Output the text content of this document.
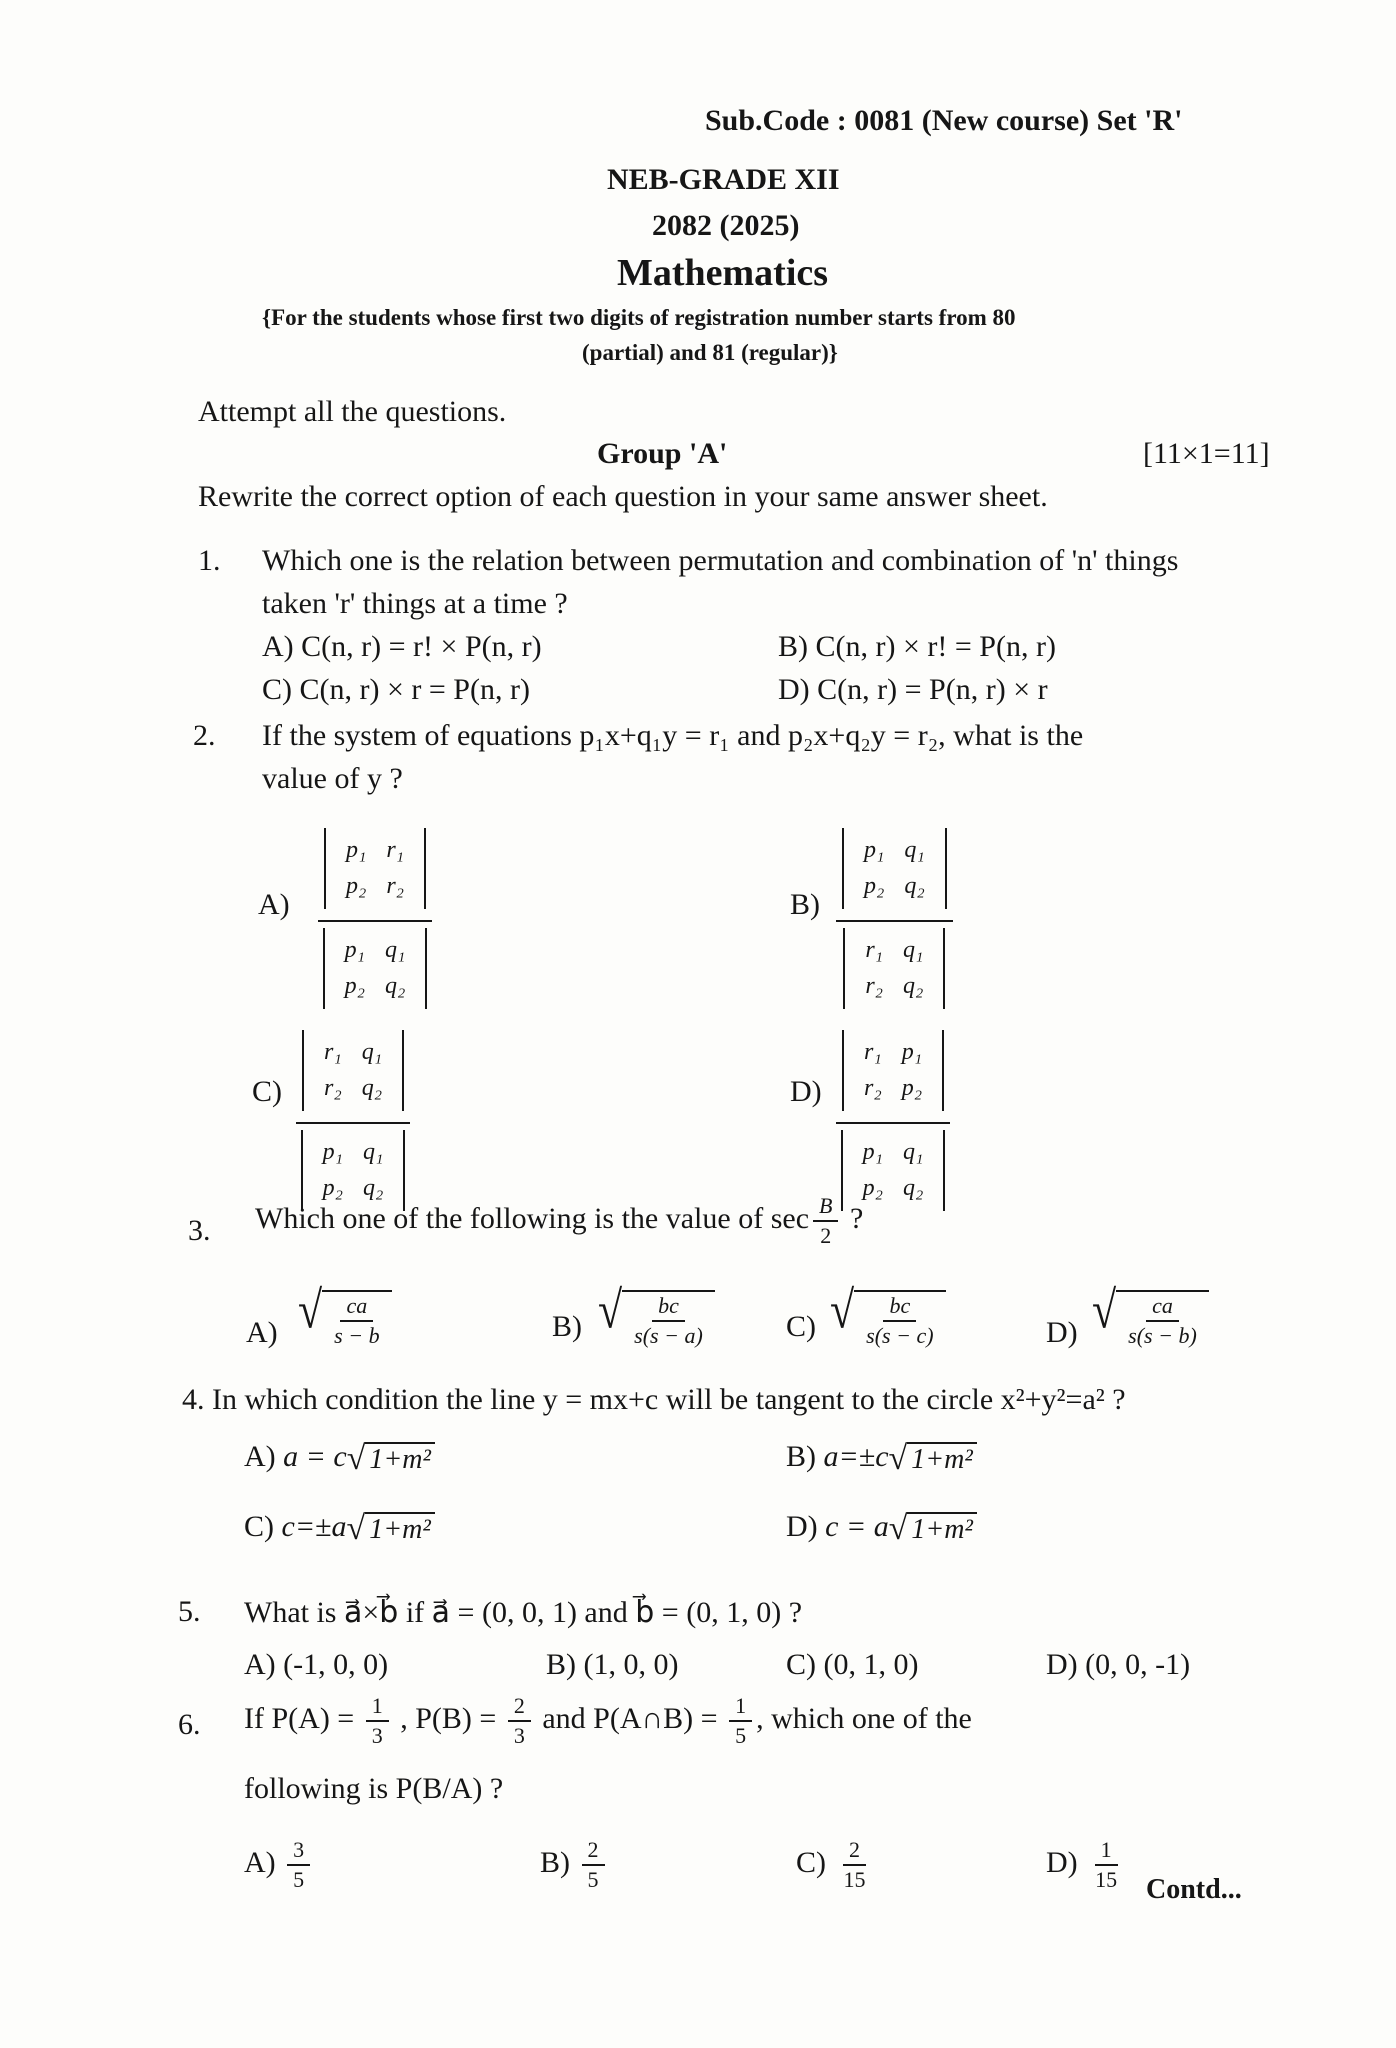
Sub.Code : 0081 (New course) Set 'R'
NEB-GRADE XII
2082 (2025)
Mathematics
{For the students whose first two digits of registration number starts from 80
(partial) and 81 (regular)}
Attempt all the questions.
Group 'A'	[11×1=11]
Rewrite the correct option of each question in your same answer sheet.
1. Which one is the relation between permutation and combination of 'n' things
taken 'r' things at a time ?
A) C(n, r) = r! × P(n, r)	B) C(n, r) × r! = P(n, r)
C) C(n, r) × r = P(n, r)	D) C(n, r) = P(n, r) × r
2. If the system of equations p₁x+q₁y = r₁ and p₂x+q₂y = r₂, what is the
value of y ?
A) p₁	r₁
p₂	r₂
p₁	q₁
p₂	q₂	B) p₁	q₁
p₂	q₂
r₁	q₁
r₂	q₂
C) r₁	q₁
r₂	q₂
p₁	q₁
p₂	q₂	D) r₁	p₁
r₂	p₂
p₁	q₁
p₂	q₂
3. Which one of the following is the value of $\sec \frac{B}{2}$ ?
A) √ $\frac{ca}{s - b}$	B) √ $\frac{bc}{s(s - a)}$	C) √ $\frac{bc}{s(s - c)}$	D) √ $\frac{ca}{s(s - b)}$
4. In which condition the line y = mx+c will be tangent to the circle x²+y²=a² ?
A) a = c √ 1+m²	B) a=±c √ 1+m²
C) c=±a √ 1+m²	D) c = a √ 1+m²
5. What is a⃗×b⃗ if a⃗ = (0, 0, 1) and b⃗ = (0, 1, 0) ?
A) (-1, 0, 0)	B) (1, 0, 0)	C) (0, 1, 0)	D) (0, 0, -1)
6. If $P(A) = \frac{1}{3}$ , $P(B) = \frac{2}{3}$ and P(A∩B) = $\frac{1}{5}$ , which one of the
following is P(B/A) ?
$A) \frac{3}{5}$	$B) \frac{2}{5}$	$C) \frac{2}{15}$	$D) \frac{1}{15}$ Contd...
